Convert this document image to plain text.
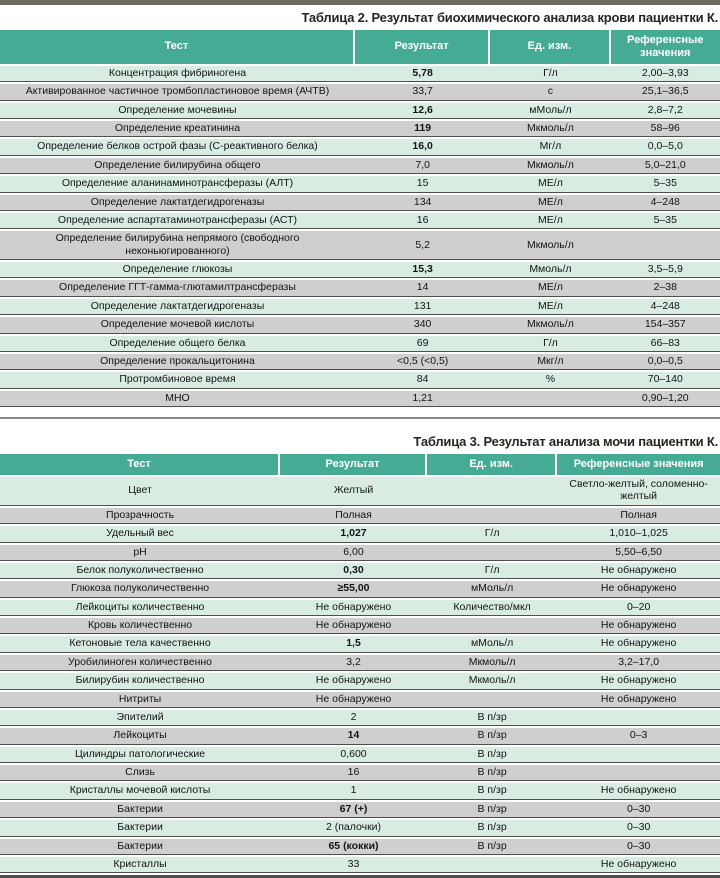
Таблица 2. Результат биохимического анализа крови пациентки К.
Тест	Результат	Ед. изм.	Референсные значения
Концентрация фибриногена	5,78	Г/л	2,00–3,93
Активированное частичное тромбопластиновое время (АЧТВ)	33,7	с	25,1–36,5
Определение мочевины	12,6	мМоль/л	2,8–7,2
Определение креатинина	119	Мкмоль/л	58–96
Определение белков острой фазы (С-реактивного белка)	16,0	Мг/л	0,0–5,0
Определение билирубина общего	7,0	Мкмоль/л	5,0–21,0
Определение аланинаминотрансферазы (АЛТ)	15	МЕ/л	5–35
Определение лактатдегидрогеназы	134	МЕ/л	4–248
Определение аспартатаминотрансферазы (АСТ)	16	МЕ/л	5–35
Определение билирубина непрямого (свободного неконьюгированного)	5,2	Мкмоль/л	
Определение глюкозы	15,3	Ммоль/л	3,5–5,9
Определение ГГТ-гамма-глютамилтрансферазы	14	МЕ/л	2–38
Определение лактатдегидрогеназы	131	МЕ/л	4–248
Определение мочевой кислоты	340	Мкмоль/л	154–357
Определение общего белка	69	Г/л	66–83
Определение прокальцитонина	<0,5 (<0,5)	Мкг/л	0,0–0,5
Протромбиновое время	84	%	70–140
МНО	1,21		0,90–1,20
Таблица 3. Результат анализа мочи пациентки К.
Тест	Результат	Ед. изм.	Референсные значения
Цвет	Желтый		Светло-желтый, соломенно-желтый
Прозрачность	Полная		Полная
Удельный вес	1,027	Г/л	1,010–1,025
pH	6,00		5,50–6,50
Белок полуколичественно	0,30	Г/л	Не обнаружено
Глюкоза полуколичественно	≥55,00	мМоль/л	Не обнаружено
Лейкоциты количественно	Не обнаружено	Количество/мкл	0–20
Кровь количественно	Не обнаружено		Не обнаружено
Кетоновые тела качественно	1,5	мМоль/л	Не обнаружено
Уробилиноген количественно	3,2	Мкмоль/л	3,2–17,0
Билирубин количественно	Не обнаружено	Мкмоль/л	Не обнаружено
Нитриты	Не обнаружено		Не обнаружено
Эпителий	2	В п/зр	
Лейкоциты	14	В п/зр	0–3
Цилиндры патологические	0,600	В п/зр	
Слизь	16	В п/зр	
Кристаллы мочевой кислоты	1	В п/зр	Не обнаружено
Бактерии	67 (+)	В п/зр	0–30
Бактерии	2 (палочки)	В п/зр	0–30
Бактерии	65 (кокки)	В п/зр	0–30
Кристаллы	33		Не обнаружено
